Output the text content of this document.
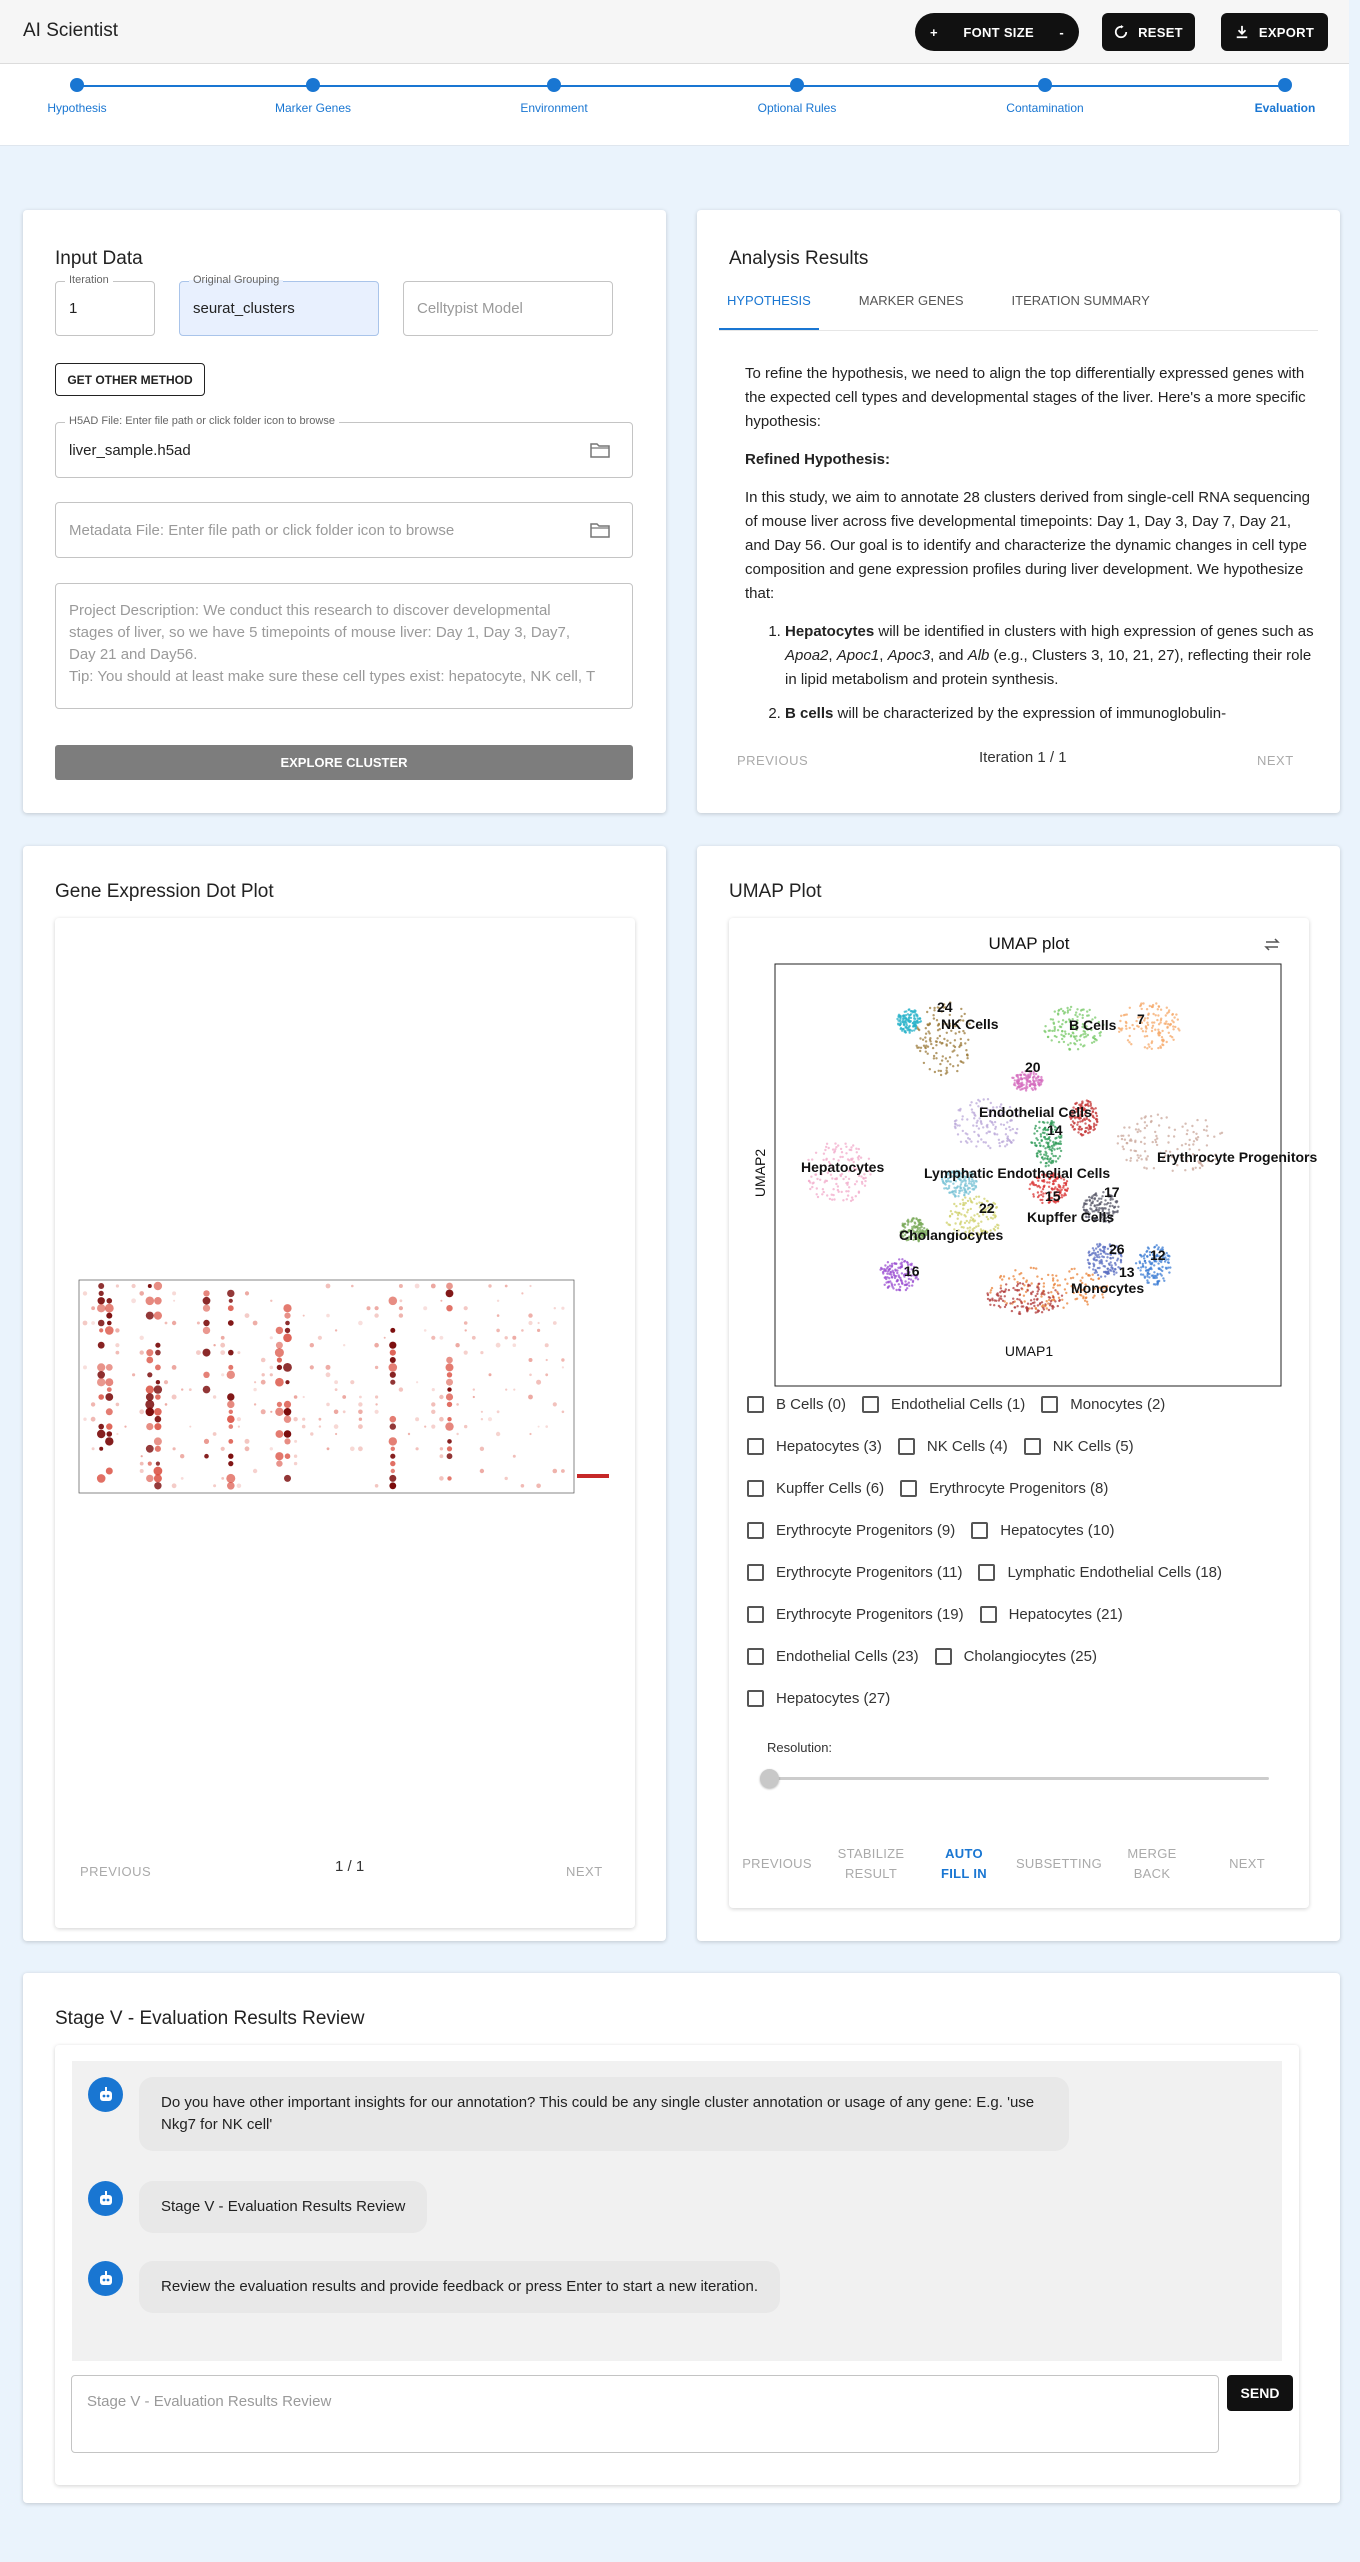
AI Scientist	+ FONT SIZE -	RESET	EXPORT
Hypothesis	Marker Genes	Environment	Optional Rules	Contamination	Evaluation
Input Data
Iteration
1
Original Grouping
seurat_clusters	Celltypist Model
GET OTHER METHOD
H5AD File: Enter file path or click folder icon to browse
liver_sample.h5ad
Metadata File: Enter file path or click folder icon to browse
Project Description: We conduct this research to discover developmental
stages of liver, so we have 5 timepoints of mouse liver: Day 1, Day 3, Day7,
Day 21 and Day56.
Tip: You should at least make sure these cell types exist: hepatocyte, NK cell, T
EXPLORE CLUSTER
Analysis Results
HYPOTHESIS	MARKER GENES	ITERATION SUMMARY

To refine the hypothesis, we need to align the top differentially expressed genes with the expected cell types and developmental stages of the liver. Here's a more specific hypothesis:

Refined Hypothesis:

In this study, we aim to annotate 28 clusters derived from single-cell RNA sequencing of mouse liver across five developmental timepoints: Day 1, Day 3, Day 7, Day 21, and Day 56. Our goal is to identify and characterize the dynamic changes in cell type composition and gene expression profiles during liver development. We hypothesize that:

1. Hepatocytes will be identified in clusters with high expression of genes such as Apoa2, Apoc1, Apoc3, and Alb (e.g., Clusters 3, 10, 21, 27), reflecting their role in lipid metabolism and protein synthesis.
2. B cells will be characterized by the expression of immunoglobulin-
PREVIOUS	Iteration 1 / 1	NEXT
Gene Expression Dot Plot
PREVIOUS	1 / 1	NEXT
UMAP Plot
UMAP plot
UMAP1
UMAP2
24
NK Cells	B Cells 7
20
Endothelial Cells
14
Hepatocytes	Lymphatic Endothelial Cells
Erythrocyte Progenitors
15	17
22
Kupffer Cells
Cholangiocytes
16
26 12
13
Monocytes
B Cells (0)	Endothelial Cells (1)	Monocytes (2)
Hepatocytes (3)	NK Cells (4)	NK Cells (5)
Kupffer Cells (6)	Erythrocyte Progenitors (8)
Erythrocyte Progenitors (9)	Hepatocytes (10)
Erythrocyte Progenitors (11)	Lymphatic Endothelial Cells (18)
Erythrocyte Progenitors (19)	Hepatocytes (21)
Endothelial Cells (23)	Cholangiocytes (25)
Hepatocytes (27)
Resolution:
PREVIOUS
STABILIZE RESULT
AUTO FILL IN
SUBSETTING
MERGE BACK
NEXT
Stage V - Evaluation Results Review
Do you have other important insights for our annotation? This could be any single cluster annotation or usage of any gene: E.g. 'use Nkg7 for NK cell'
Stage V - Evaluation Results Review
Review the evaluation results and provide feedback or press Enter to start a new iteration.
Stage V - Evaluation Results Review	SEND
